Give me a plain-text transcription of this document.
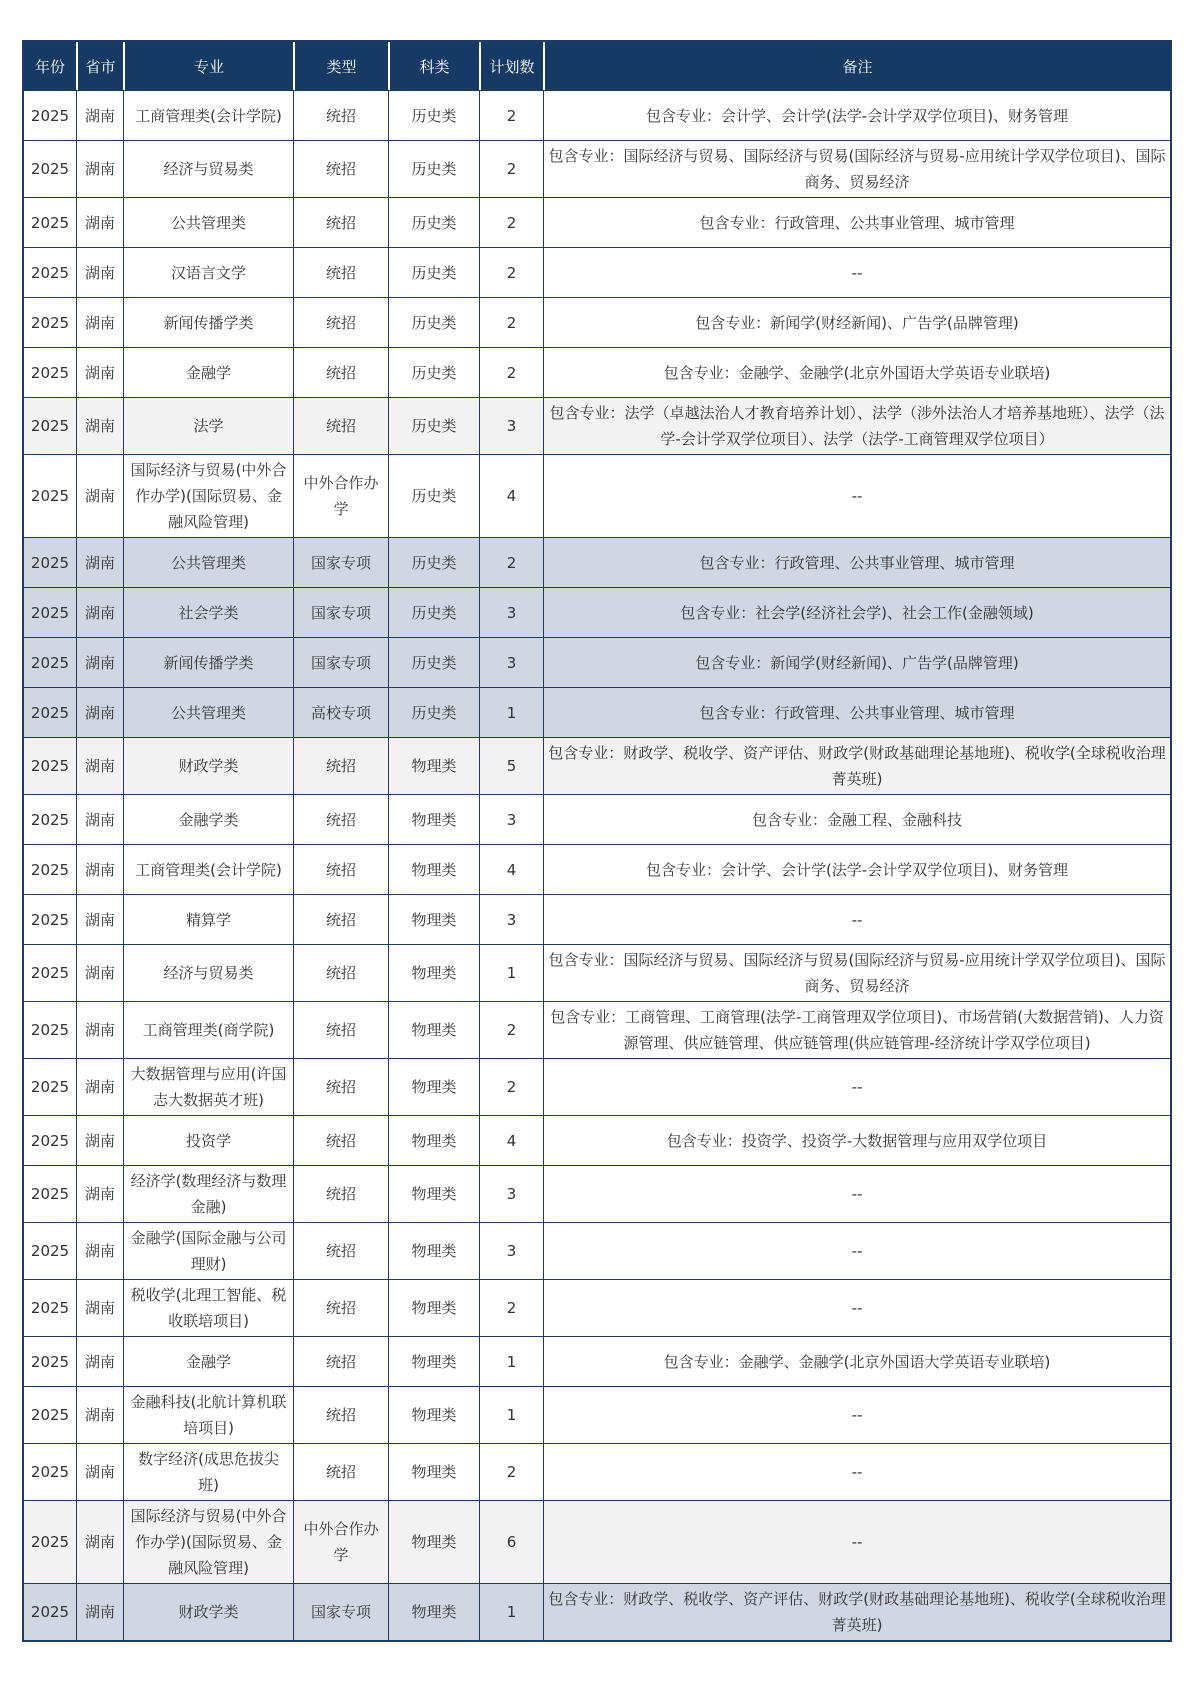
年份	省市	专业	类型	科类	计划数	备注
2025	湖南	工商管理类(会计学院)	统招	历史类	2	包含专业：会计学、会计学(法学-会计学双学位项目)、财务管理
2025	湖南	经济与贸易类	统招	历史类	2	包含专业：国际经济与贸易、国际经济与贸易(国际经济与贸易-应用统计学双学位项目)、国际商务、贸易经济
2025	湖南	公共管理类	统招	历史类	2	包含专业：行政管理、公共事业管理、城市管理
2025	湖南	汉语言文学	统招	历史类	2	--
2025	湖南	新闻传播学类	统招	历史类	2	包含专业：新闻学(财经新闻)、广告学(品牌管理)
2025	湖南	金融学	统招	历史类	2	包含专业：金融学、金融学(北京外国语大学英语专业联培)
2025	湖南	法学	统招	历史类	3	包含专业：法学（卓越法治人才教育培养计划）、法学（涉外法治人才培养基地班）、法学（法学-会计学双学位项目）、法学（法学-工商管理双学位项目）
2025	湖南	国际经济与贸易(中外合作办学)(国际贸易、金融风险管理)	中外合作办学	历史类	4	--
2025	湖南	公共管理类	国家专项	历史类	2	包含专业：行政管理、公共事业管理、城市管理
2025	湖南	社会学类	国家专项	历史类	3	包含专业：社会学(经济社会学)、社会工作(金融领域)
2025	湖南	新闻传播学类	国家专项	历史类	3	包含专业：新闻学(财经新闻)、广告学(品牌管理)
2025	湖南	公共管理类	高校专项	历史类	1	包含专业：行政管理、公共事业管理、城市管理
2025	湖南	财政学类	统招	物理类	5	包含专业：财政学、税收学、资产评估、财政学(财政基础理论基地班)、税收学(全球税收治理菁英班)
2025	湖南	金融学类	统招	物理类	3	包含专业：金融工程、金融科技
2025	湖南	工商管理类(会计学院)	统招	物理类	4	包含专业：会计学、会计学(法学-会计学双学位项目)、财务管理
2025	湖南	精算学	统招	物理类	3	--
2025	湖南	经济与贸易类	统招	物理类	1	包含专业：国际经济与贸易、国际经济与贸易(国际经济与贸易-应用统计学双学位项目)、国际商务、贸易经济
2025	湖南	工商管理类(商学院)	统招	物理类	2	包含专业：工商管理、工商管理(法学-工商管理双学位项目)、市场营销(大数据营销)、人力资源管理、供应链管理、供应链管理(供应链管理-经济统计学双学位项目)
2025	湖南	大数据管理与应用(许国志大数据英才班)	统招	物理类	2	--
2025	湖南	投资学	统招	物理类	4	包含专业：投资学、投资学-大数据管理与应用双学位项目
2025	湖南	经济学(数理经济与数理金融)	统招	物理类	3	--
2025	湖南	金融学(国际金融与公司理财)	统招	物理类	3	--
2025	湖南	税收学(北理工智能、税收联培项目)	统招	物理类	2	--
2025	湖南	金融学	统招	物理类	1	包含专业：金融学、金融学(北京外国语大学英语专业联培)
2025	湖南	金融科技(北航计算机联培项目)	统招	物理类	1	--
2025	湖南	数字经济(成思危拔尖班)	统招	物理类	2	--
2025	湖南	国际经济与贸易(中外合作办学)(国际贸易、金融风险管理)	中外合作办学	物理类	6	--
2025	湖南	财政学类	国家专项	物理类	1	包含专业：财政学、税收学、资产评估、财政学(财政基础理论基地班)、税收学(全球税收治理菁英班)
